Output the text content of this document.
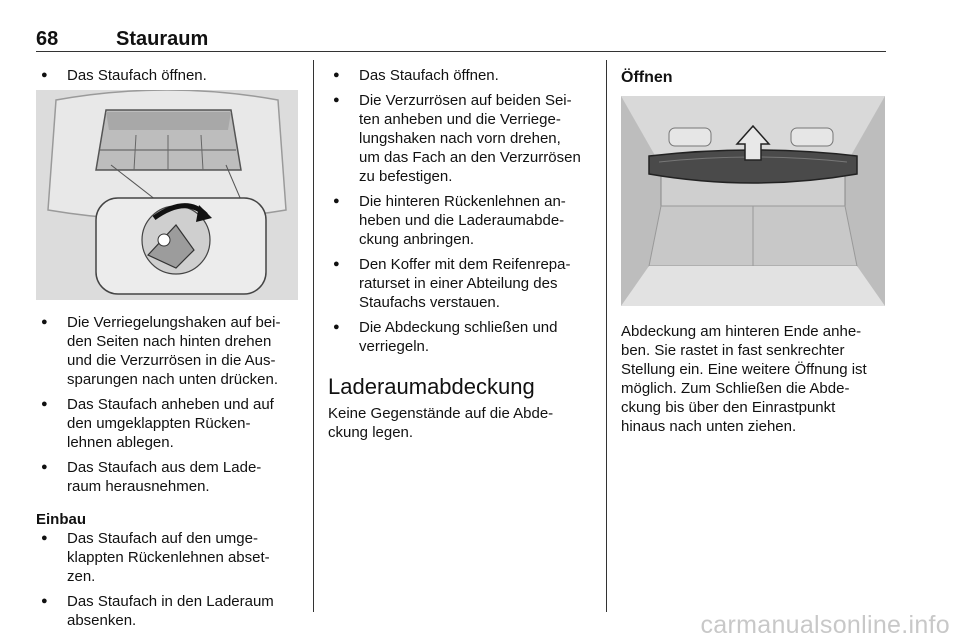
68	Stauraum
● Das Staufach öffnen.
● Die Verriegelungshaken auf bei-
den Seiten nach hinten drehen
und die Verzurrösen in die Aus-
sparungen nach unten drücken.
● Das Staufach anheben und auf
den umgeklappten Rücken-
lehnen ablegen.
● Das Staufach aus dem Lade-
raum herausnehmen.
Einbau
● Das Staufach auf den umge-
klappten Rückenlehnen abset-
zen.
● Das Staufach in den Laderaum
absenken.
● Das Staufach öffnen.
● Die Verzurrösen auf beiden Sei-
ten anheben und die Verriege-
lungshaken nach vorn drehen,
um das Fach an den Verzurrösen
zu befestigen.
● Die hinteren Rückenlehnen an-
heben und die Laderaumabde-
ckung anbringen.
● Den Koffer mit dem Reifenrepa-
raturset in einer Abteilung des
Staufachs verstauen.
● Die Abdeckung schließen und
verriegeln.
Laderaumabdeckung
Keine Gegenstände auf die Abde-
ckung legen.
Öffnen
Abdeckung am hinteren Ende anhe-
ben. Sie rastet in fast senkrechter
Stellung ein. Eine weitere Öffnung ist
möglich. Zum Schließen die Abde-
ckung bis über den Einrastpunkt
hinaus nach unten ziehen.
carmanualsonline.info
